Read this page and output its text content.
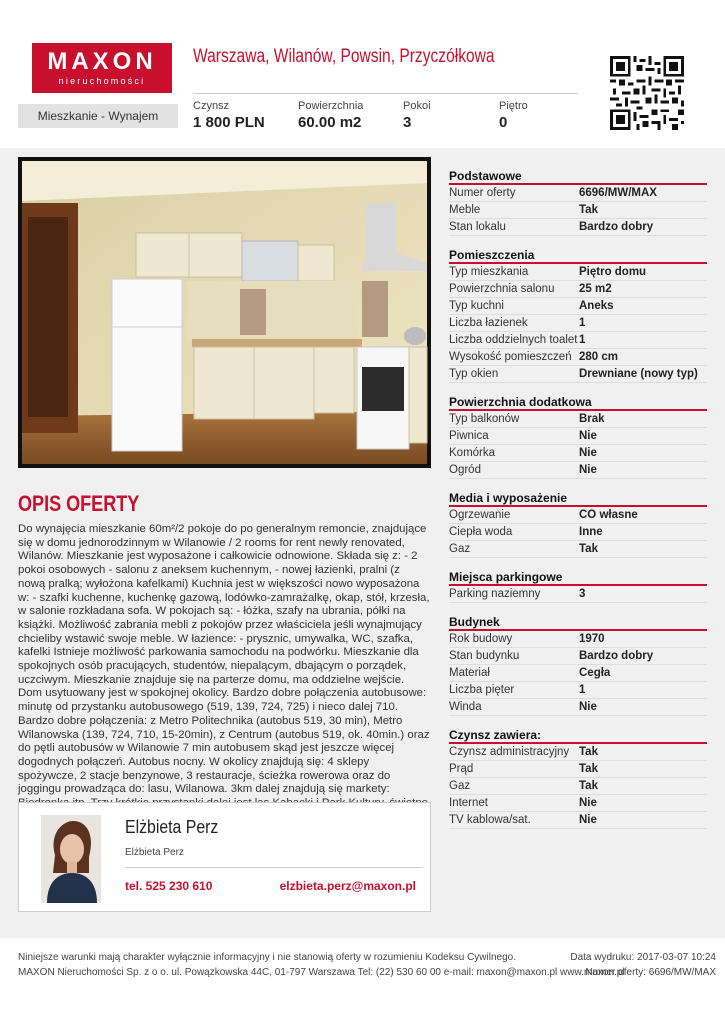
MAXON
nieruchomości
Warszawa, Wilanów, Powsin, Przyczółkowa
Mieszkanie - Wynajem
Czynsz
1 800 PLN
Powierzchnia
60.00 m2
Pokoi
3
Piętro
0
OPIS OFERTY
Do wynajęcia mieszkanie 60m²/2 pokoje do po generalnym remoncie, znajdujące się w domu jednorodzinnym w Wilanowie / 2 rooms for rent newly renovated, Wilanów. Mieszkanie jest wyposażone i całkowicie odnowione. Składa się z: - 2 pokoi osobowych - salonu z aneksem kuchennym, - nowej łazienki, pralni (z nową pralką; wyłożona kafelkami) Kuchnia jest w większości nowo wyposażona w: - szafki kuchenne, kuchenkę gazową, lodówko-zamrażalkę, okap, stół, krzesła, w salonie rozkładana sofa. W pokojach są: - łóżka, szafy na ubrania, półki na książki. Możliwość zabrania mebli z pokojów przez właściciela jeśli wynajmujący chcieliby wstawić swoje meble. W łazience: - prysznic, umywalka, WC, szafka, kafelki Istnieje możliwość parkowania samochodu na podwórku. Mieszkanie dla spokojnych osób pracujących, studentów, niepalącym, dbającym o porządek, uczciwym. Mieszkanie znajduje się na parterze domu, ma oddzielne wejście. Dom usytuowany jest w spokojnej okolicy. Bardzo dobre połączenia autobusowe: minutę od przystanku autobusowego (519, 139, 724, 725) i nieco dalej 710. Bardzo dobre połączenia: z Metro Politechnika (autobus 519, 30 min), Metro Wilanowska (139, 724, 710, 15-20min), z Centrum (autobus 519, ok. 40min.) oraz do pętli autobusów w Wilanowie 7 min autobusem skąd jest jeszcze więcej dogodnych połączeń. Autobus nocny. W okolicy znajdują się: 4 sklepy spożywcze, 2 stacje benzynowe, 3 restauracje, ścieżka rowerowa oraz do joggingu prowadząca do: lasu, Wilanowa. 3km dalej znajdują się markety:
Elżbieta Perz
Elżbieta Perz
tel. 525 230 610	elzbieta.perz@maxon.pl
Podstawowe
Numer oferty	6696/MW/MAX
Meble	Tak
Stan lokalu	Bardzo dobry
Pomieszczenia
Typ mieszkania	Piętro domu
Powierzchnia salonu	25 m2
Typ kuchni	Aneks
Liczba łazienek	1
Liczba oddzielnych toalet 1
Wysokość pomieszczeń 280 cm
Typ okien	Drewniane (nowy typ)
Powierzchnia dodatkowa
Typ balkonów	Brak
Piwnica	Nie
Komórka	Nie
Ogród	Nie
Media i wyposażenie
Ogrzewanie	CO własne
Ciepła woda	Inne
Gaz	Tak
Miejsca parkingowe
Parking naziemny	3
Budynek
Rok budowy	1970
Stan budynku	Bardzo dobry
Materiał	Cegła
Liczba pięter	1
Winda	Nie
Czynsz zawiera:
Czynsz administracyjny Tak
Prąd	Tak
Gaz	Tak
Internet	Nie
TV kablowa/sat.	Nie
Niniejsze warunki mają charakter wyłącznie informacyjny i nie stanowią oferty w rozumieniu Kodeksu Cywilnego.
MAXON Nieruchomości Sp. z o o. ul. Powązkowska 44C, 01-797 Warszawa Tel: (22) 530 60 00 e-mail: maxon@maxon.pl www.maxon.pl
Data wydruku: 2017-03-07 10:24
Numer oferty: 6696/MW/MAX
